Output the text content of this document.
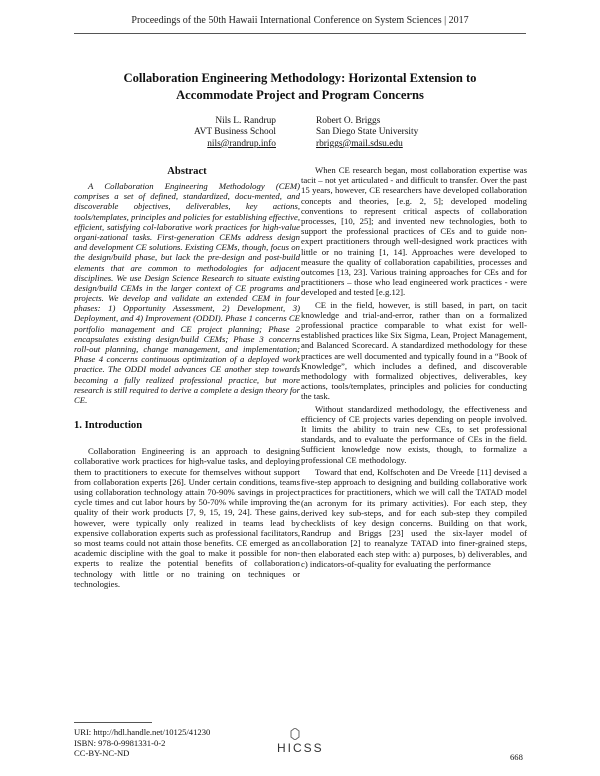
Proceedings of the 50th Hawaii International Conference on System Sciences | 2017
Collaboration Engineering Methodology: Horizontal Extension to
Accommodate Project and Program Concerns
Nils L. Randrup
AVT Business School
nils@randrup.info
Robert O. Briggs
San Diego State University
rbriggs@mail.sdsu.edu
Abstract

A Collaboration Engineering Methodology (CEM) comprises a set of defined, standardized, docu-mented, and discoverable objectives, deliverables, key actions, tools/templates, principles and policies for establishing effective, efficient, satisfying col-laborative work practices for high-value organi-zational tasks. First-generation CEMs address design and development CE solutions. Existing CEMs, though, focus on the design/build phase, but lack the pre-design and post-build elements that are common to methodologies for adjacent disciplines. We use Design Science Research to situate existing design/build CEMs in the larger context of CE programs and projects. We develop and validate an extended CEM in four phases: 1) Opportunity Assessment, 2) Development, 3) Deployment, and 4) Improvement (ODDI). Phase 1 concerns CE portfolio management and CE project planning; Phase 2 encapsulates existing design/build CEMs; Phase 3 concerns roll-out planning, change management, and implementation; Phase 4 concerns continuous optimization of a deployed work practice. The ODDI model advances CE another step towards becoming a fully realized professional practice, but more research is still required to derive a complete a design theory for CE.

1. Introduction

Collaboration Engineering is an approach to designing collaborative work practices for high-value tasks, and deploying them to practitioners to execute for themselves without support from collaboration experts [26]. Under certain conditions, teams using collaboration technology attain 70-90% savings in project cycle times and cut labor hours by 50-70% while improving the quality of their work products [7, 9, 15, 19, 24]. These gains, however, were typically only realized in teams lead by expensive collaboration experts such as professional facilitators, so most teams could not attain those benefits. CE emerged as an academic discipline with the goal to make it possible for non-experts to realize the potential benefits of collaboration technology with little or no training on techniques or technologies.

When CE research began, most collaboration expertise was tacit – not yet articulated - and difficult to transfer. Over the past 15 years, however, CE researchers have developed collaboration concepts and theories, [e.g. 2, 5]; developed modeling conventions to represent critical aspects of collaboration processes, [10, 25]; and invented new technologies, both to support the professional practices of CEs and to guide non-expert practitioners through well-designed work practices with little or no training [1, 14]. Approaches were developed to measure the quality of collaboration capabilities, processes and outcomes [13, 23]. Various training approaches for CEs and for practitioners – those who lead engineered work practices - were developed and tested [e.g.12].

CE in the field, however, is still based, in part, on tacit knowledge and trial-and-error, rather than on a formalized professional practice comparable to what exist for well-established practices like Six Sigma, Lean, Project Management, and Balanced Scorecard. A standardized methodology for these practices are well documented and typically found in a “Book of Knowledge”, which includes a defined, and discoverable methodology with formalized objectives, deliverables, key actions, tools/templates, principles and policies for conducting the task.

Without standardized methodology, the effectiveness and efficiency of CE projects varies depending on people involved. It limits the ability to train new CEs, to set professional standards, and to evaluate the performance of CEs in the field. Sufficient knowledge now exists, though, to formalize a professional CE methodology.

Toward that end, Kolfschoten and De Vreede [11] devised a five-step approach to designing and building collaborative work practices for practitioners, which we will call the TATAD model (an acronym for its primary activities). For each step, they derived key sub-steps, and for each sub-step they compiled checklists of key design concerns. Building on that work, Randrup and Briggs [23] used the six-layer model of collaboration [2] to reanalyze TATAD into finer-grained steps, then elaborated each step with: a) purposes, b) deliverables, and c) indicators-of-quality for evaluating the performance

URI: http://hdl.handle.net/10125/41230
ISBN: 978-0-9981331-0-2
CC-BY-NC-ND	HICSS
668
